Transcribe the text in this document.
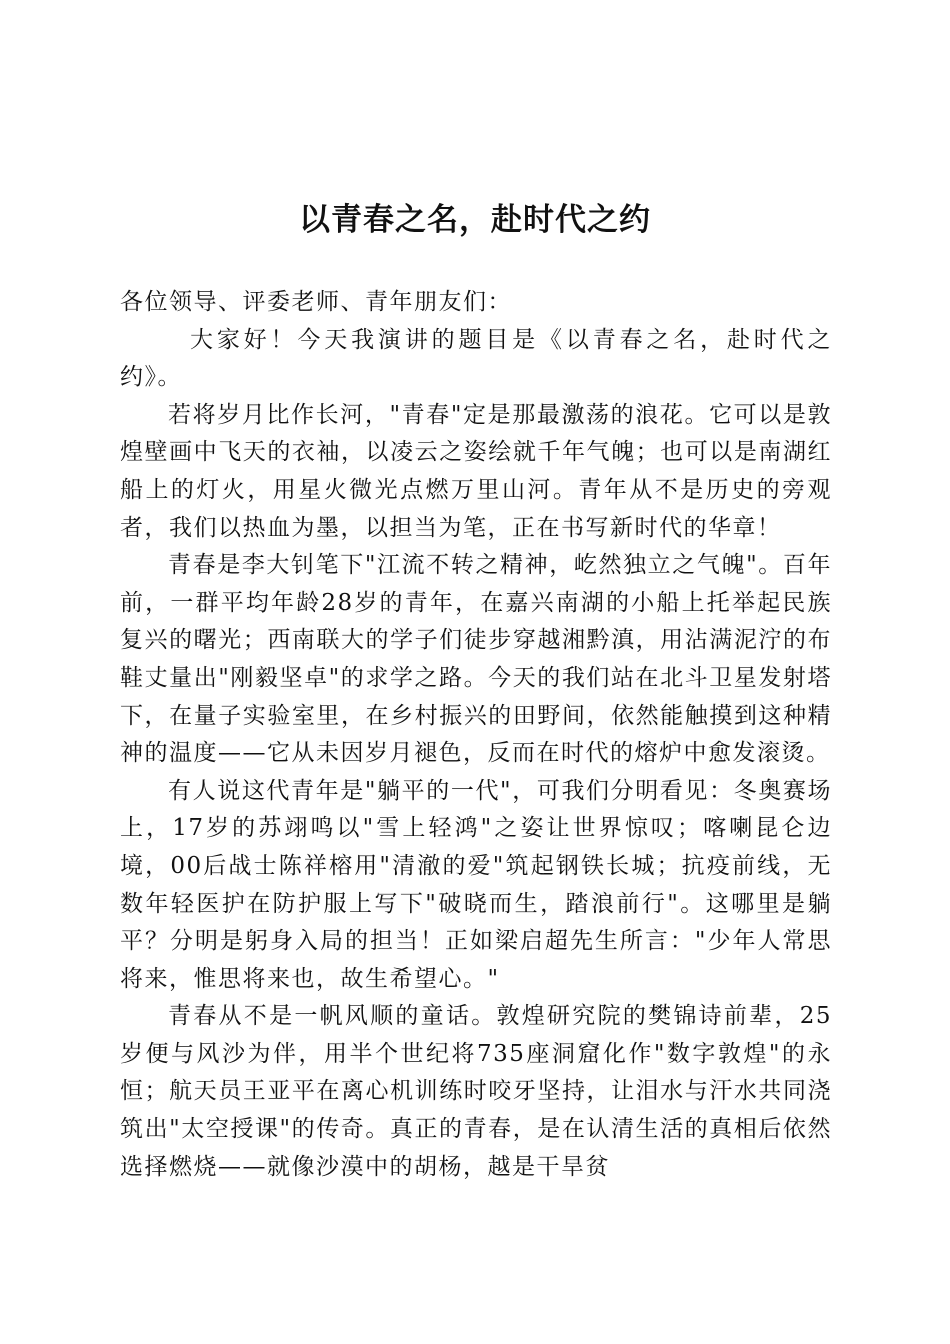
以青春之名，赴时代之约

各位领导、评委老师、青年朋友们：

大家好！今天我演讲的题目是《以青春之名，赴时代之约》。

若将岁月比作长河，"青春"定是那最激荡的浪花。它可以是敦煌壁画中飞天的衣袖，以凌云之姿绘就千年气魄；也可以是南湖红船上的灯火，用星火微光点燃万里山河。青年从不是历史的旁观者，我们以热血为墨，以担当为笔，正在书写新时代的华章！

青春是李大钊笔下"江流不转之精神，屹然独立之气魄"。百年前，一群平均年龄28岁的青年，在嘉兴南湖的小船上托举起民族复兴的曙光；西南联大的学子们徒步穿越湘黔滇，用沾满泥泞的布鞋丈量出"刚毅坚卓"的求学之路。今天的我们站在北斗卫星发射塔下，在量子实验室里，在乡村振兴的田野间，依然能触摸到这种精神的温度——它从未因岁月褪色，反而在时代的熔炉中愈发滚烫。

有人说这代青年是"躺平的一代"，可我们分明看见：冬奥赛场上，17岁的苏翊鸣以"雪上轻鸿"之姿让世界惊叹；喀喇昆仑边境，00后战士陈祥榕用"清澈的爱"筑起钢铁长城；抗疫前线，无数年轻医护在防护服上写下"破晓而生，踏浪前行"。这哪里是躺平？分明是躬身入局的担当！正如梁启超先生所言："少年人常思将来，惟思将来也，故生希望心。"

青春从不是一帆风顺的童话。敦煌研究院的樊锦诗前辈，25岁便与风沙为伴，用半个世纪将735座洞窟化作"数字敦煌"的永恒；航天员王亚平在离心机训练时咬牙坚持，让泪水与汗水共同浇筑出"太空授课"的传奇。真正的青春，是在认清生活的真相后依然选择燃烧——就像沙漠中的胡杨，越是干旱贫
